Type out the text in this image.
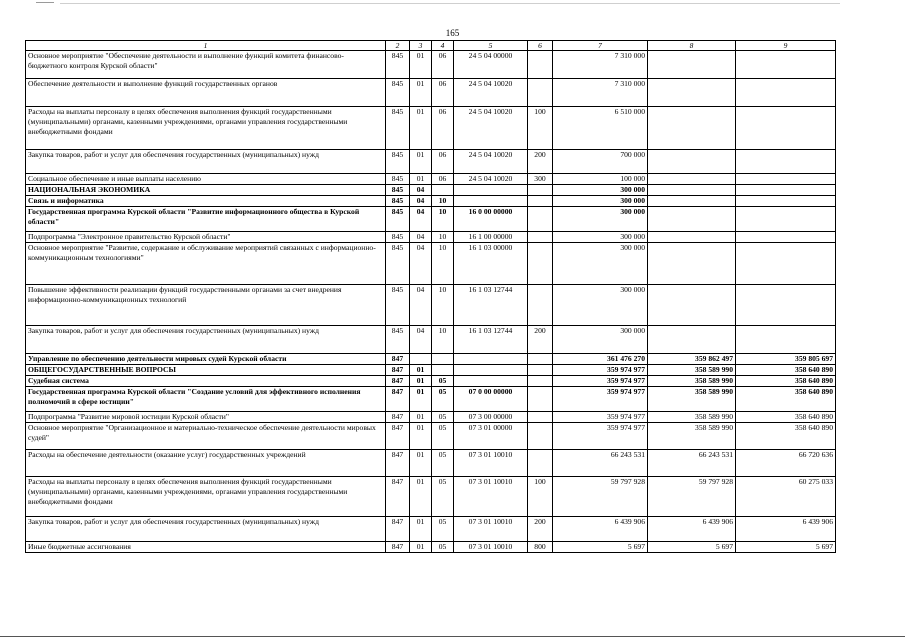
165
1	2	3	4	5	6	7	8	9
Основное мероприятие "Обеспечение деятельности и выполнение функций комитета финансово-бюджетного контроля Курской области"	845	01	06	24 5 04 00000		7 310 000		
Обеспечение деятельности и выполнение функций государственных органов	845	01	06	24 5 04 10020		7 310 000		
Расходы на выплаты персоналу в целях обеспечения выполнения функций государственными (муниципальными) органами, казенными учреждениями, органами управления государственными внебюджетными фондами	845	01	06	24 5 04 10020	100	6 510 000		
Закупка товаров, работ и услуг для обеспечения государственных (муниципальных) нужд	845	01	06	24 5 04 10020	200	700 000		
Социальное обеспечение и иные выплаты населению	845	01	06	24 5 04 10020	300	100 000		
НАЦИОНАЛЬНАЯ ЭКОНОМИКА	845	04				300 000		
Связь и информатика	845	04	10			300 000		
Государственная программа Курской области "Развитие информационного общества в Курской области"	845	04	10	16 0 00 00000		300 000		
Подпрограмма "Электронное правительство Курской области"	845	04	10	16 1 00 00000		300 000		
Основное мероприятие "Развитие, содержание и обслуживание мероприятий связанных с информационно-коммуникационным технологиями"	845	04	10	16 1 03 00000		300 000		
Повышение эффективности реализации функций государственными органами за счет внедрения информационно-коммуникационных технологий	845	04	10	16 1 03 12744		300 000		
Закупка товаров, работ и услуг для обеспечения государственных (муниципальных) нужд	845	04	10	16 1 03 12744	200	300 000		
Управление по обеспечению деятельности мировых судей Курской области	847					361 476 270	359 862 497	359 805 697
ОБЩЕГОСУДАРСТВЕННЫЕ ВОПРОСЫ	847	01				359 974 977	358 589 990	358 640 890
Судебная система	847	01	05			359 974 977	358 589 990	358 640 890
Государственная программа Курской области "Создание условий для эффективного исполнения полномочий в сфере юстиции"	847	01	05	07 0 00 00000		359 974 977	358 589 990	358 640 890
Подпрограмма "Развитие мировой юстиции Курской области"	847	01	05	07 3 00 00000		359 974 977	358 589 990	358 640 890
Основное мероприятие "Организационное и материально-техническое обеспечение деятельности мировых судей"	847	01	05	07 3 01 00000		359 974 977	358 589 990	358 640 890
Расходы на обеспечение деятельности (оказание услуг) государственных учреждений	847	01	05	07 3 01 10010		66 243 531	66 243 531	66 720 636
Расходы на выплаты персоналу в целях обеспечения выполнения функций государственными (муниципальными) органами, казенными учреждениями, органами управления государственными внебюджетными фондами	847	01	05	07 3 01 10010	100	59 797 928	59 797 928	60 275 033
Закупка товаров, работ и услуг для обеспечения государственных (муниципальных) нужд	847	01	05	07 3 01 10010	200	6 439 906	6 439 906	6 439 906
Иные бюджетные ассигнования	847	01	05	07 3 01 10010	800	5 697	5 697	5 697
